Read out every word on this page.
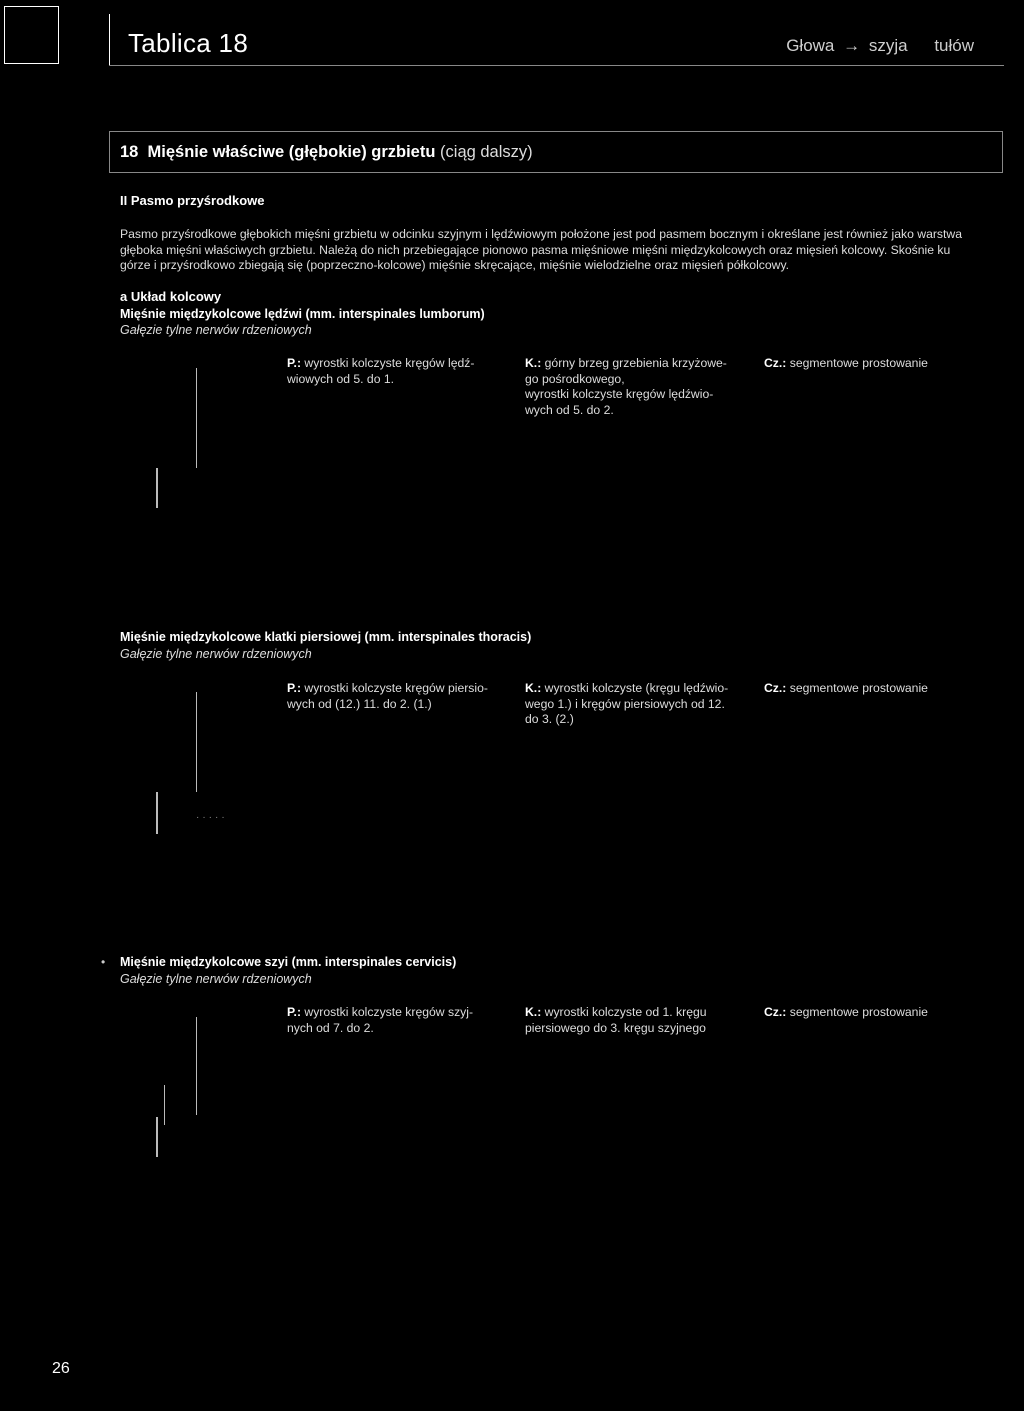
Tablica 18	Głowa → szyja tułów
18 Mięśnie właściwe (głębokie) grzbietu (ciąg dalszy)
II Pasmo przyśrodkowe
Pasmo przyśrodkowe głębokich mięśni grzbietu w odcinku szyjnym i lędźwiowym położone jest pod pasmem bocznym i określane jest również jako warstwa głęboka mięśni właściwych grzbietu. Należą do nich przebiegające pionowo pasma mięśniowe mięśni międzykolcowych oraz mięsień kolcowy. Skośnie ku górze i przyśrodkowo zbiegają się (poprzeczno-kolcowe) mięśnie skręcające, mięśnie wielodzielne oraz mięsień półkolcowy.
a Układ kolcowy
Mięśnie międzykolcowe lędźwi (mm. interspinales lumborum)
Gałęzie tylne nerwów rdzeniowych
P.: wyrostki kolczyste kręgów lędź-
wiowych od 5. do 1.
K.: górny brzeg grzebienia krzyżowe-
go pośrodkowego,
wyrostki kolczyste kręgów lędźwio-
wych od 5. do 2.
Cz.: segmentowe prostowanie
Mięśnie międzykolcowe klatki piersiowej (mm. interspinales thoracis)
Gałęzie tylne nerwów rdzeniowych
·····
P.: wyrostki kolczyste kręgów piersio-
wych od (12.) 11. do 2. (1.)
K.: wyrostki kolczyste (kręgu lędźwio-
wego 1.) i kręgów piersiowych od 12.
do 3. (2.)
Cz.: segmentowe prostowanie
• Mięśnie międzykolcowe szyi (mm. interspinales cervicis)
Gałęzie tylne nerwów rdzeniowych
P.: wyrostki kolczyste kręgów szyj-
nych od 7. do 2.
K.: wyrostki kolczyste od 1. kręgu
piersiowego do 3. kręgu szyjnego
Cz.: segmentowe prostowanie
26
